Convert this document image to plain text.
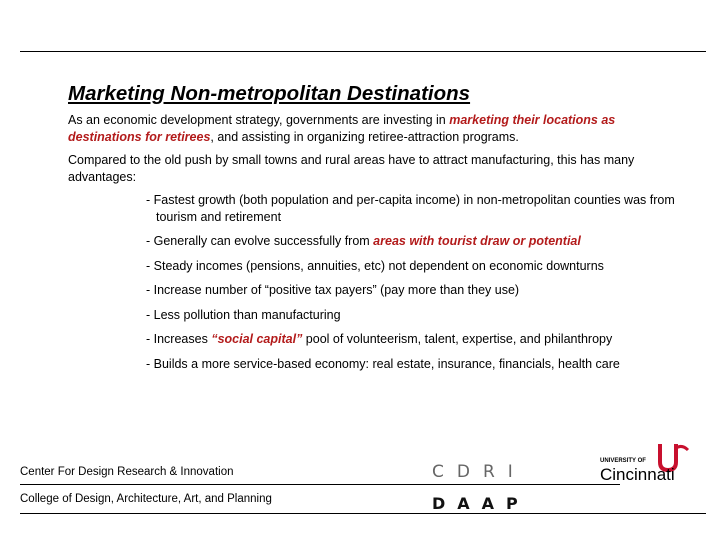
Marketing Non-metropolitan Destinations

As an economic development strategy, governments are investing in marketing their locations as destinations for retirees, and assisting in organizing retiree-attraction programs.

Compared to the old push by small towns and rural areas have to attract manufacturing, this has many advantages:

- Fastest growth (both population and per-capita income) in non-metropolitan counties was from tourism and retirement
- Generally can evolve successfully from areas with tourist draw or potential
- Steady incomes (pensions, annuities, etc) not dependent on economic downturns
- Increase number of “positive tax payers” (pay more than they use)
- Less pollution than manufacturing
- Increases “social capital” pool of volunteerism, talent, expertise, and philanthropy
- Builds a more service-based economy: real estate, insurance, financials, health care
Center For Design Research & Innovation
College of Design, Architecture, Art, and Planning
CDRI
DAAP
UNIVERSITY OF
Cincinnati
